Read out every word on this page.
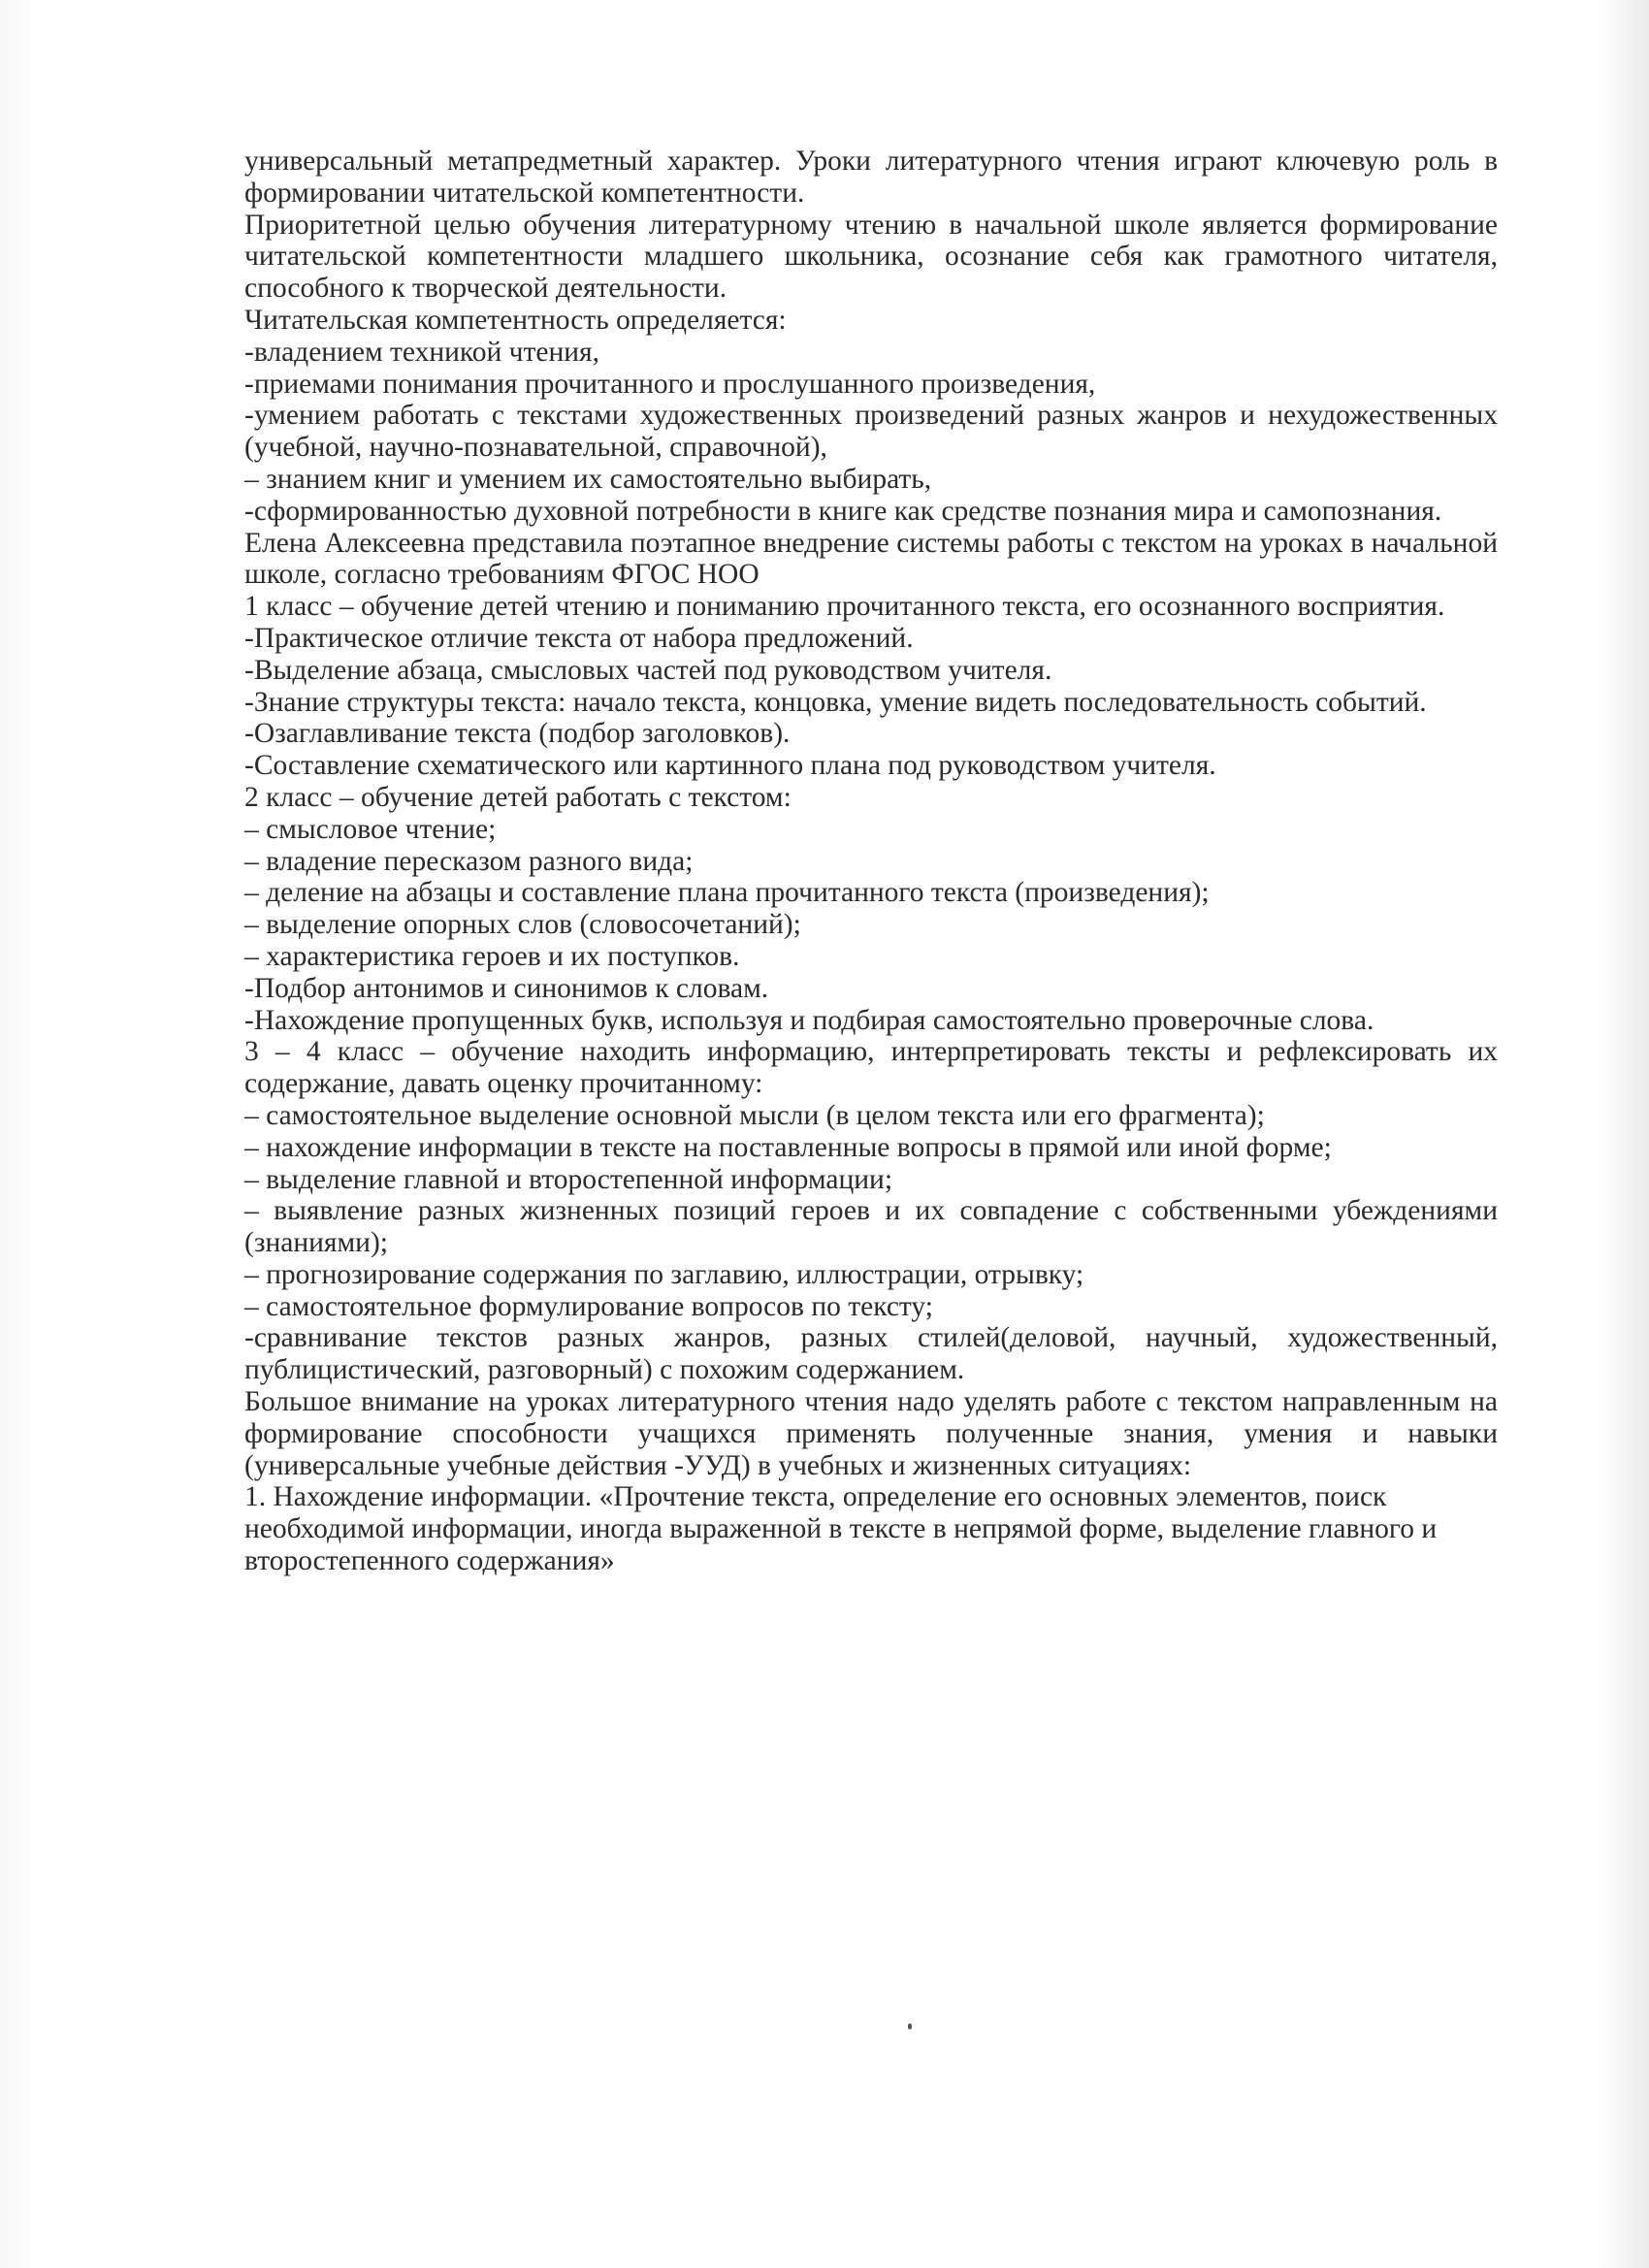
универсальный метапредметный характер. Уроки литературного чтения играют ключевую роль в формировании читательской компетентности.

Приоритетной целью обучения литературному чтению в начальной школе является формирование читательской компетентности младшего школьника, осознание себя как грамотного читателя, способного к творческой деятельности.

Читательская компетентность определяется:

-владением техникой чтения,

-приемами понимания прочитанного и прослушанного произведения,

-умением работать с текстами художественных произведений разных жанров и нехудожественных (учебной, научно-познавательной, справочной),

– знанием книг и умением их самостоятельно выбирать,

-сформированностью духовной потребности в книге как средстве познания мира и самопознания.

Елена Алексеевна представила поэтапное внедрение системы работы с текстом на уроках в начальной школе, согласно требованиям ФГОС НОО

1 класс – обучение детей чтению и пониманию прочитанного текста, его осознанного восприятия.

-Практическое отличие текста от набора предложений.

-Выделение абзаца, смысловых частей под руководством учителя.

-Знание структуры текста: начало текста, концовка, умение видеть последовательность событий.

-Озаглавливание текста (подбор заголовков).

-Составление схематического или картинного плана под руководством учителя.

2 класс – обучение детей работать с текстом:

– смысловое чтение;

– владение пересказом разного вида;

– деление на абзацы и составление плана прочитанного текста (произведения);

– выделение опорных слов (словосочетаний);

– характеристика героев и их поступков.

-Подбор антонимов и синонимов к словам.

-Нахождение пропущенных букв, используя и подбирая самостоятельно проверочные слова.

3 – 4 класс – обучение находить информацию, интерпретировать тексты и рефлексировать их содержание, давать оценку прочитанному:

– самостоятельное выделение основной мысли (в целом текста или его фрагмента);

– нахождение информации в тексте на поставленные вопросы в прямой или иной форме;

– выделение главной и второстепенной информации;

– выявление разных жизненных позиций героев и их совпадение с собственными убеждениями (знаниями);

– прогнозирование содержания по заглавию, иллюстрации, отрывку;

– самостоятельное формулирование вопросов по тексту;

-сравнивание текстов разных жанров, разных стилей(деловой, научный, художественный, публицистический, разговорный) с похожим содержанием.

Большое внимание на уроках литературного чтения надо уделять работе с текстом направленным на формирование способности учащихся применять полученные знания, умения и навыки (универсальные учебные действия -УУД) в учебных и жизненных ситуациях:

1. Нахождение информации. «Прочтение текста, определение его основных элементов, поиск необходимой информации, иногда выраженной в тексте в непрямой форме, выделение главного и второстепенного содержания»
